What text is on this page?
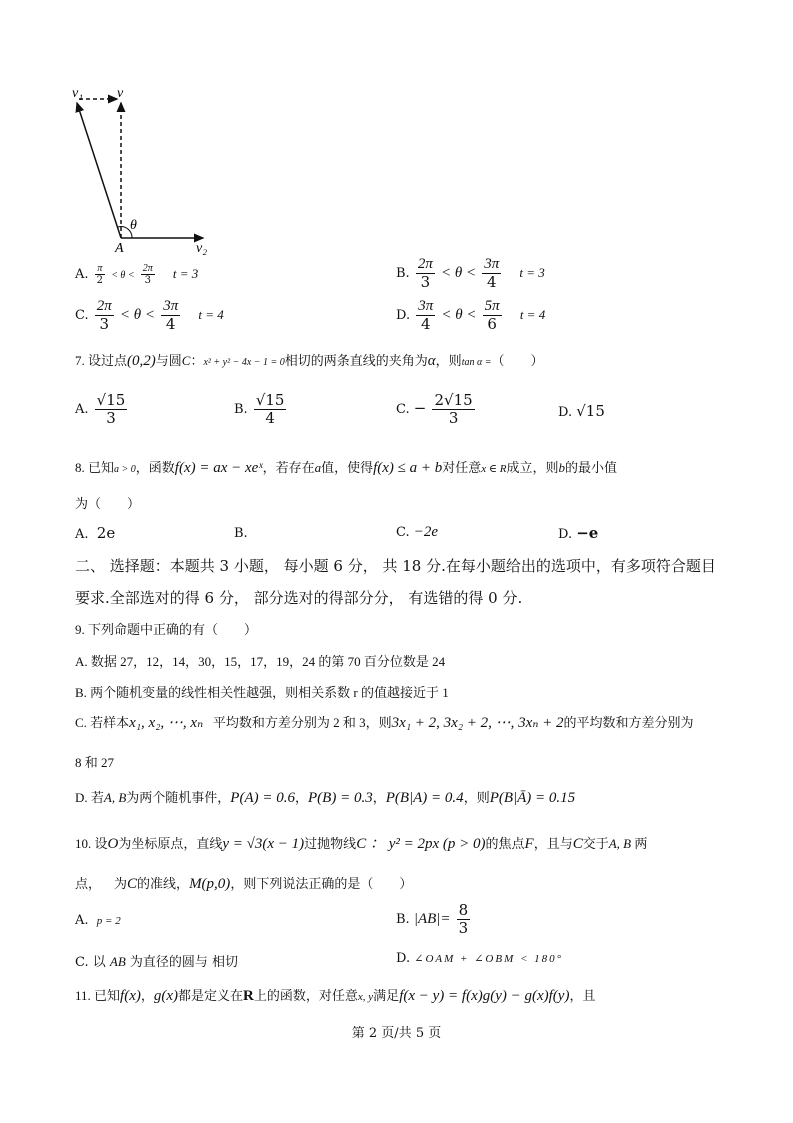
v₁ v
θ
A	v₂
A. $\frac{\pi}{2} < \theta < \frac{2\pi}{3}$ t = 3	B. $\frac{2\pi}{3} < \theta < \frac{3\pi}{4}$ t = 3
C. $\frac{2\pi}{3} < \theta < \frac{3\pi}{4}$ t = 4	D. $\frac{3\pi}{4} < \theta < \frac{5\pi}{6}$ t = 4
7. 设过点(0,2)与圆C：x² + y² − 4x − 1 = 0相切的两条直线的夹角为α，则tan α =（　　）
A. $\frac{√15}{3}$	B. $\frac{√15}{4}$	C. − $\frac{2√15}{3}$	D. √15
8. 已知a > 0，函数f(x) = ax − xeˣ，若存在a值，使得f(x) ≤ a + b对任意x ∈ R成立，则b的最小值
为（　　）
A. 2e	B.	C. −2e	D. −e
二、 选择题：本题共 3 小题， 每小题 6 分， 共 18 分.在每小题给出的选项中，有多项符合题目
要求.全部选对的得 6 分， 部分选对的得部分分， 有选错的得 0 分.
9. 下列命题中正确的有（　　）
A. 数据 27，12，14，30，15，17，19，24 的第 70 百分位数是 24
B. 两个随机变量的线性相关性越强，则相关系数 r 的值越接近于 1
C. 若样本x₁, x₂, ⋯, xₙ 平均数和方差分别为 2 和 3，则3x₁ + 2, 3x₂ + 2, ⋯, 3xₙ + 2的平均数和方差分别为
8 和 27
D. 若A, B为两个随机事件，P(A) = 0.6，P(B) = 0.3，P(B|A) = 0.4，则P(B|Ā) = 0.15
10. 设O为坐标原点，直线y = √3(x − 1)过抛物线C ： y² = 2px (p > 0)的焦点F，且与C交于A, B 两
点， 为C的准线，M(p,0)，则下列说法正确的是（　　）
A. p = 2	B. $|AB|= \frac{8}{3}$
C. 以 AB 为直径的圆与 相切	D. ∠OAM + ∠OBM < 180°
11. 已知f(x)，g(x)都是定义在R上的函数，对任意x, y满足f(x − y) = f(x)g(y) − g(x)f(y)，且
第 2 页/共 5 页
